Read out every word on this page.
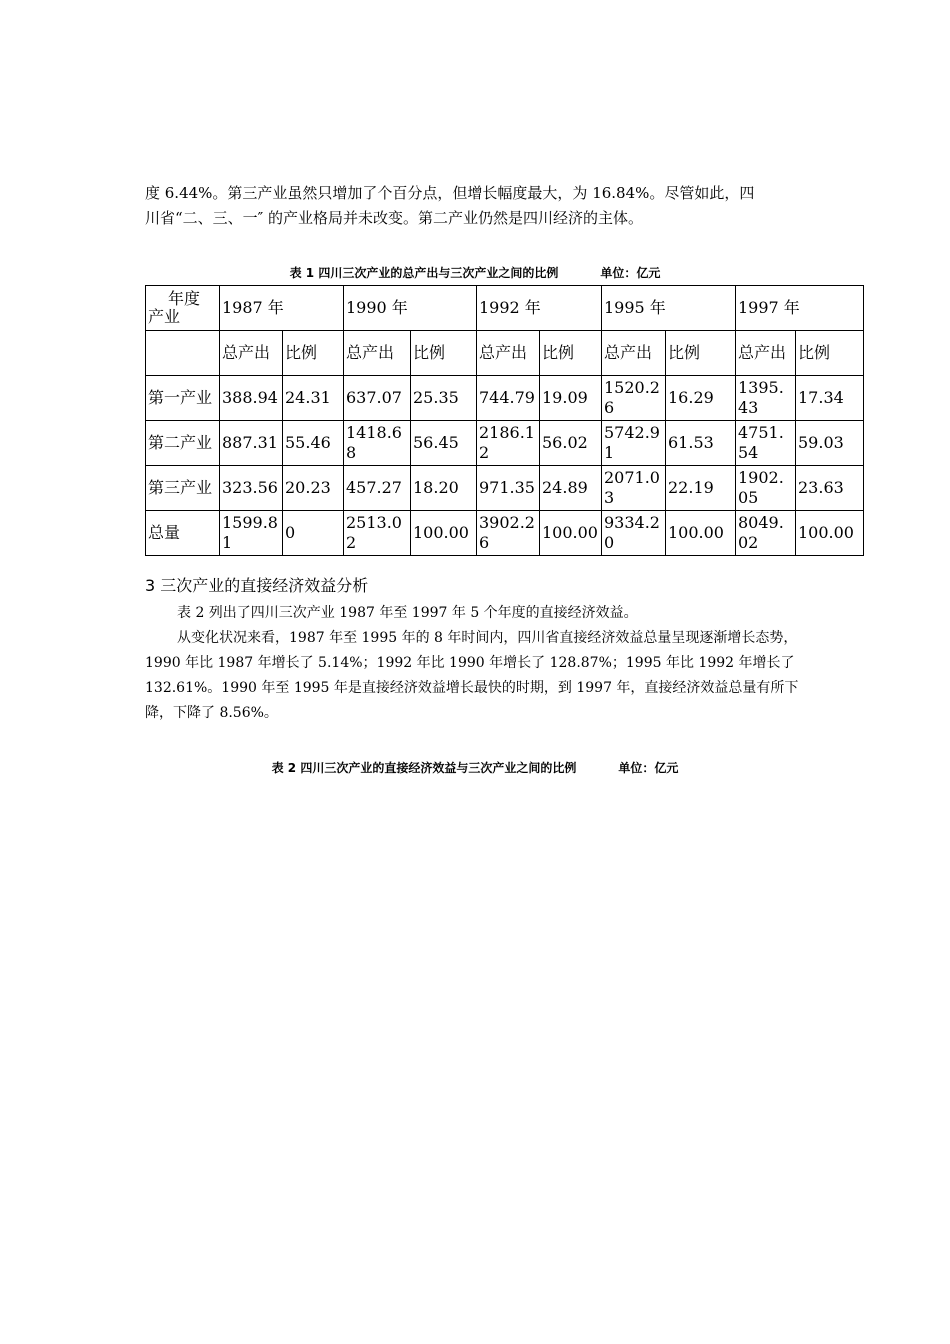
度 6.44%。第三产业虽然只增加了个百分点，但增长幅度最大，为 16.84%。尽管如此，四
川省“二、三、一″ 的产业格局并未改变。第二产业仍然是四川经济的主体。

表 1 四川三次产业的总产出与三次产业之间的比例	单位：亿元
年度
产业	1987 年		1990 年		1992 年		1995 年		1997 年	
	总产出	比例	总产出	比例	总产出	比例	总产出	比例	总产出	比例
第一产业	388.94	24.31	637.07	25.35	744.79	19.09	1520.26	16.29	1395.43	17.34
第二产业	887.31	55.46	1418.68	56.45	2186.12	56.02	5742.91	61.53	4751.54	59.03
第三产业	323.56	20.23	457.27	18.20	971.35	24.89	2071.03	22.19	1902.05	23.63
总量	1599.81	0	2513.02	100.00	3902.26	100.00	9334.20	100.00	8049.02	100.00
3 三次产业的直接经济效益分析

表 2 列出了四川三次产业 1987 年至 1997 年 5 个年度的直接经济效益。

从变化状况来看，1987 年至 1995 年的 8 年时间内，四川省直接经济效益总量呈现逐渐增长态势，1990 年比 1987 年增长了 5.14%；1992 年比 1990 年增长了 128.87%；1995 年比 1992 年增长了 132.61%。1990 年至 1995 年是直接经济效益增长最快的时期，到 1997 年，直接经济效益总量有所下降，下降了 8.56%。

表 2 四川三次产业的直接经济效益与三次产业之间的比例	单位：亿元
